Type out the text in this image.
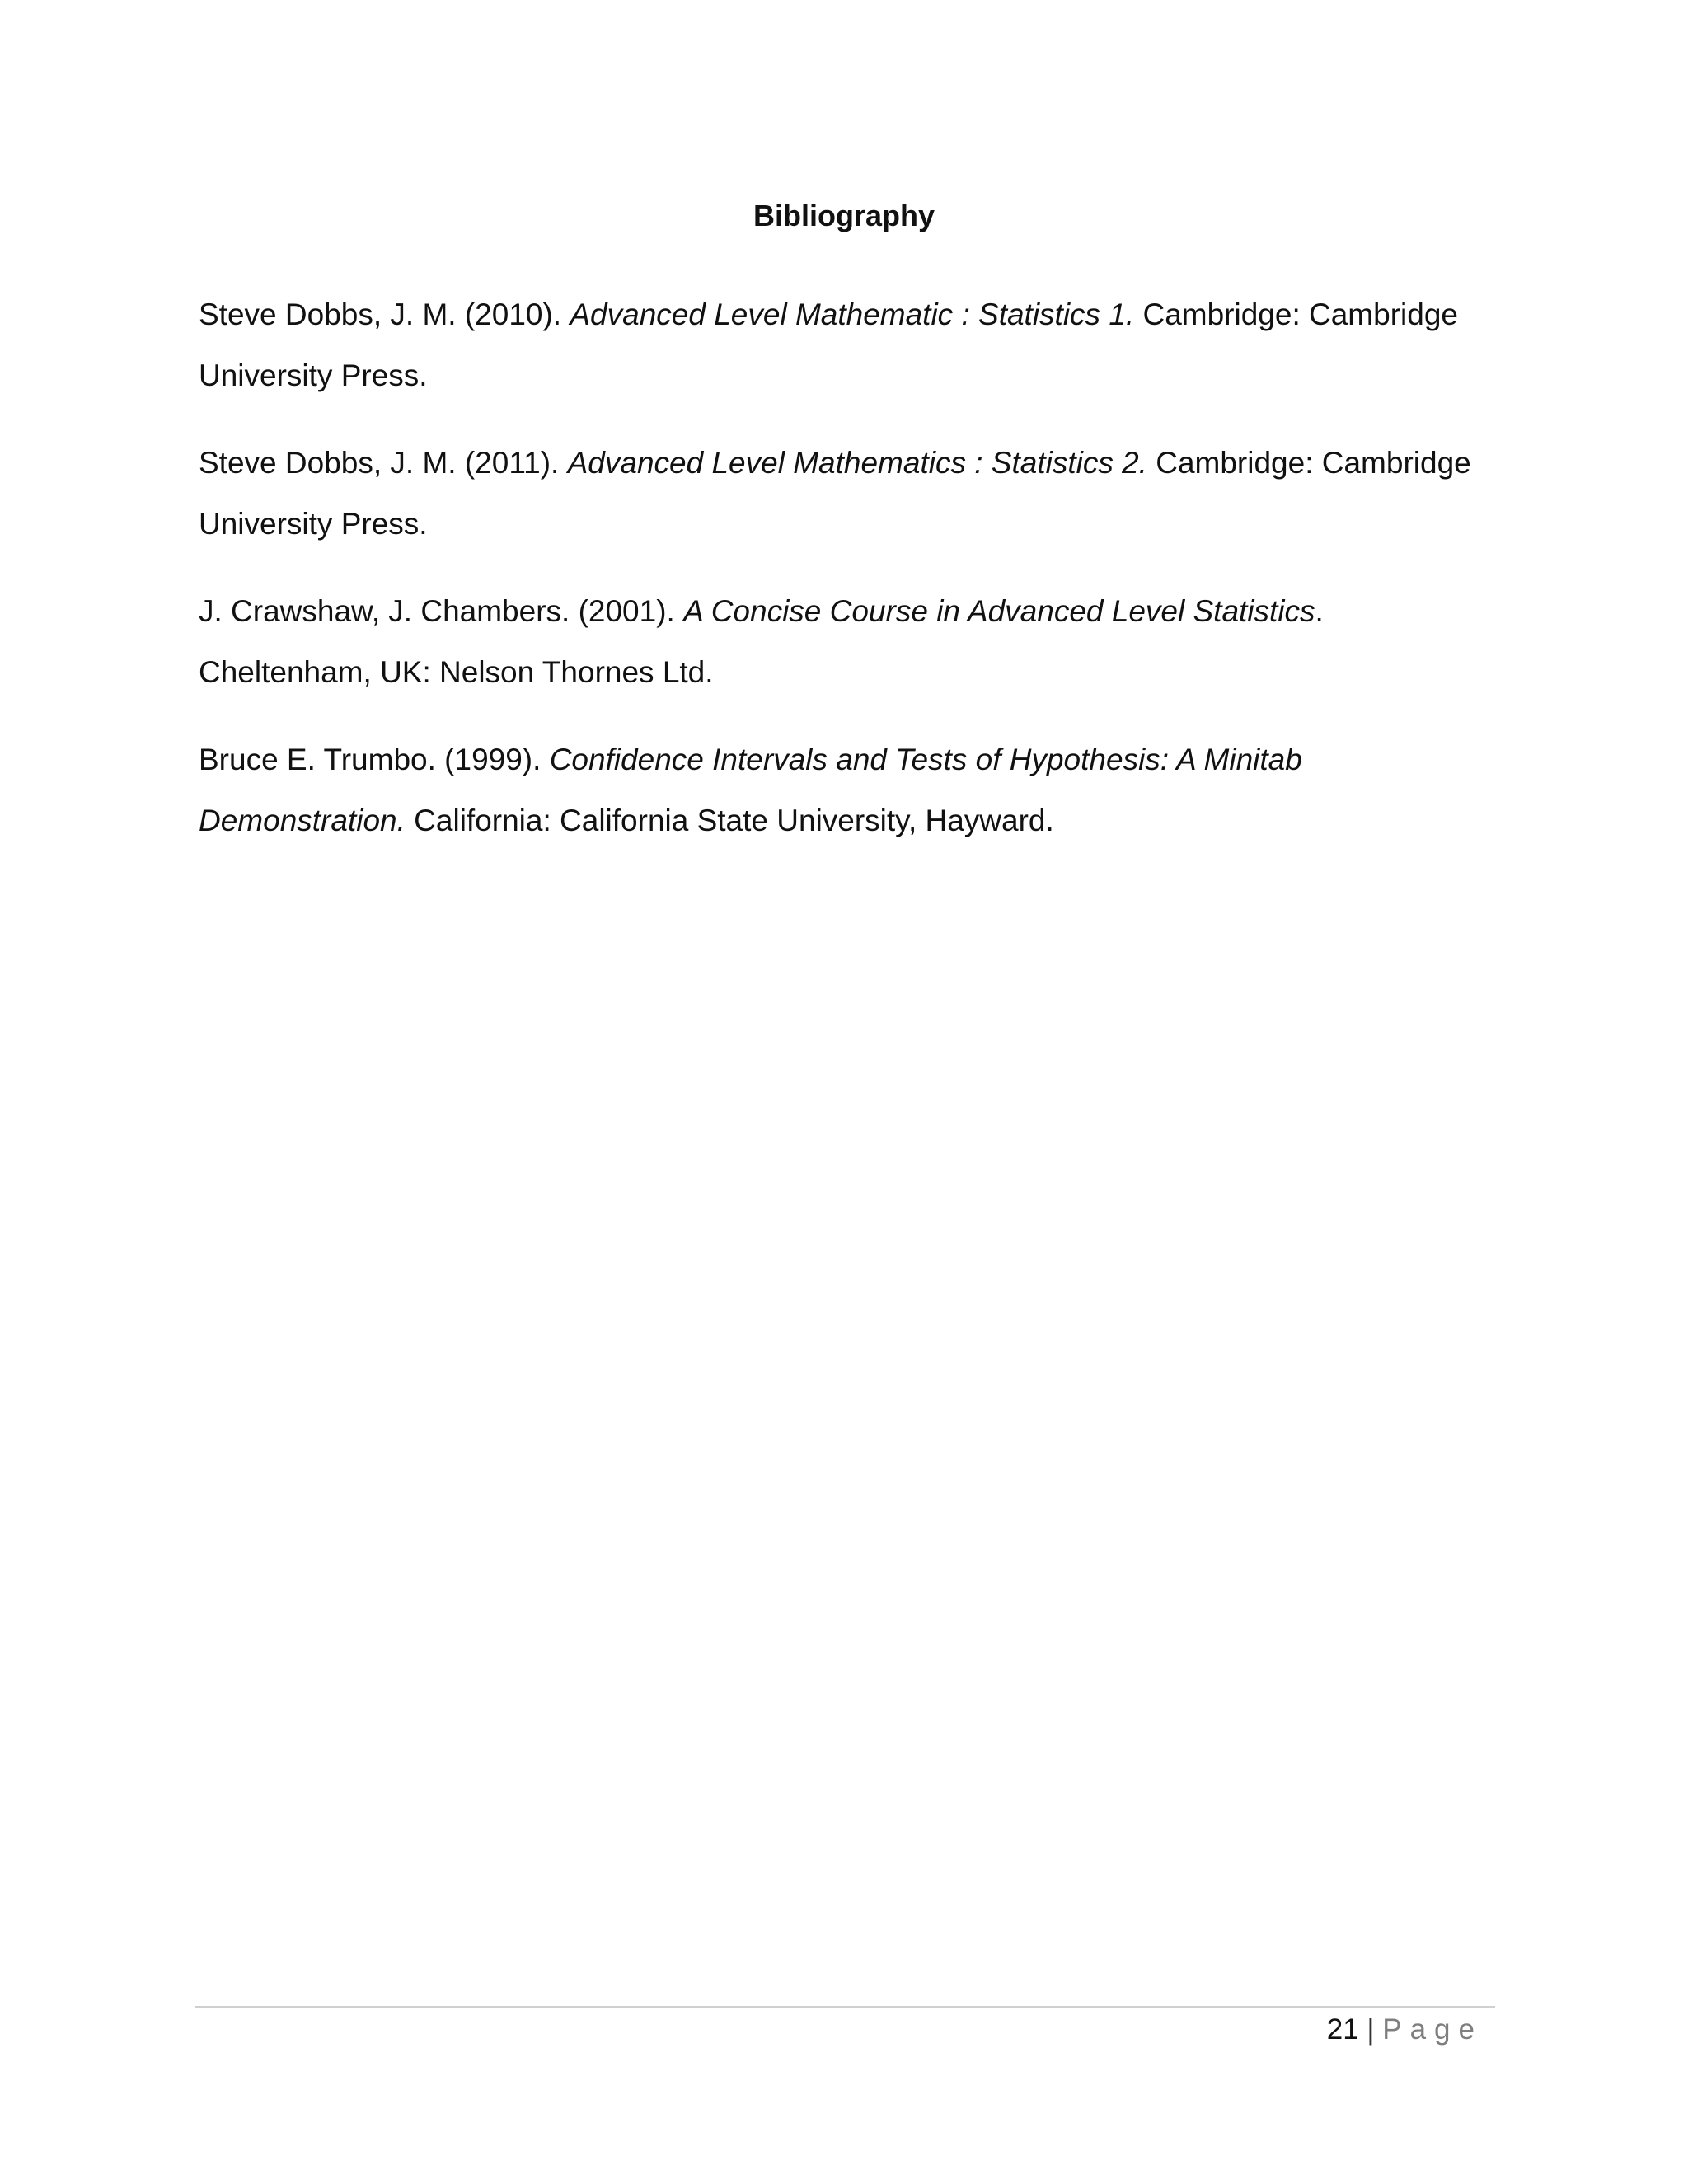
Bibliography

Steve Dobbs, J. M. (2010). Advanced Level Mathematic : Statistics 1. Cambridge: Cambridge University Press.

Steve Dobbs, J. M. (2011). Advanced Level Mathematics : Statistics 2. Cambridge: Cambridge University Press.

J. Crawshaw, J. Chambers. (2001). A Concise Course in Advanced Level Statistics. Cheltenham, UK: Nelson Thornes Ltd.

Bruce E. Trumbo. (1999). Confidence Intervals and Tests of Hypothesis: A Minitab Demonstration. California: California State University, Hayward.

21 | Page
